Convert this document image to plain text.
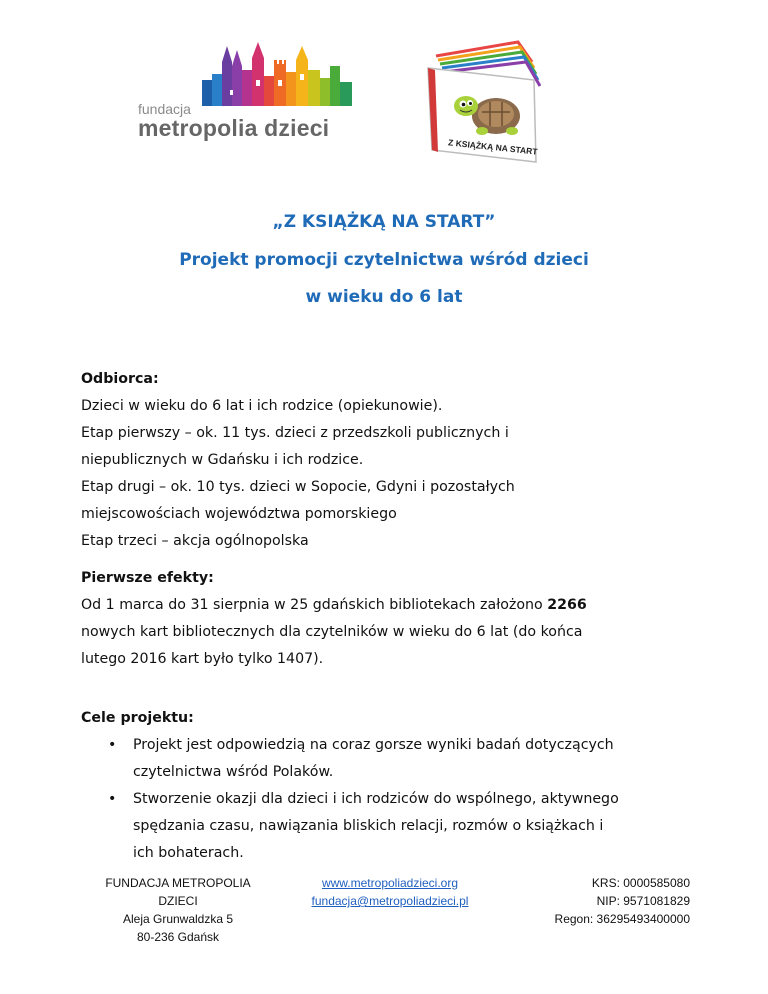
fundacja
metropolia dzieci
Z KSIĄŻKĄ NA START
„Z KSIĄŻKĄ NA START”
Projekt promocji czytelnictwa wśród dzieci
w wieku do 6 lat
Odbiorca:
Dzieci w wieku do 6 lat i ich rodzice (opiekunowie).
Etap pierwszy – ok. 11 tys. dzieci z przedszkoli publicznych i
niepublicznych w Gdańsku i ich rodzice.
Etap drugi – ok. 10 tys. dzieci w Sopocie, Gdyni i pozostałych
miejscowościach województwa pomorskiego
Etap trzeci – akcja ogólnopolska
Pierwsze efekty:
Od 1 marca do 31 sierpnia w 25 gdańskich bibliotekach założono 2266
nowych kart bibliotecznych dla czytelników w wieku do 6 lat (do końca
lutego 2016 kart było tylko 1407).
Cele projektu:
• Projekt jest odpowiedzią na coraz gorsze wyniki badań dotyczących
czytelnictwa wśród Polaków.
• Stworzenie okazji dla dzieci i ich rodziców do wspólnego, aktywnego
spędzania czasu, nawiązania bliskich relacji, rozmów o książkach i
ich bohaterach.
FUNDACJA METROPOLIA DZIECI
Aleja Grunwaldzka 5
80-236 Gdańsk
www.metropoliadzieci.org
fundacja@metropoliadzieci.pl
KRS: 0000585080
NIP: 9571081829
Regon: 36295493400000
